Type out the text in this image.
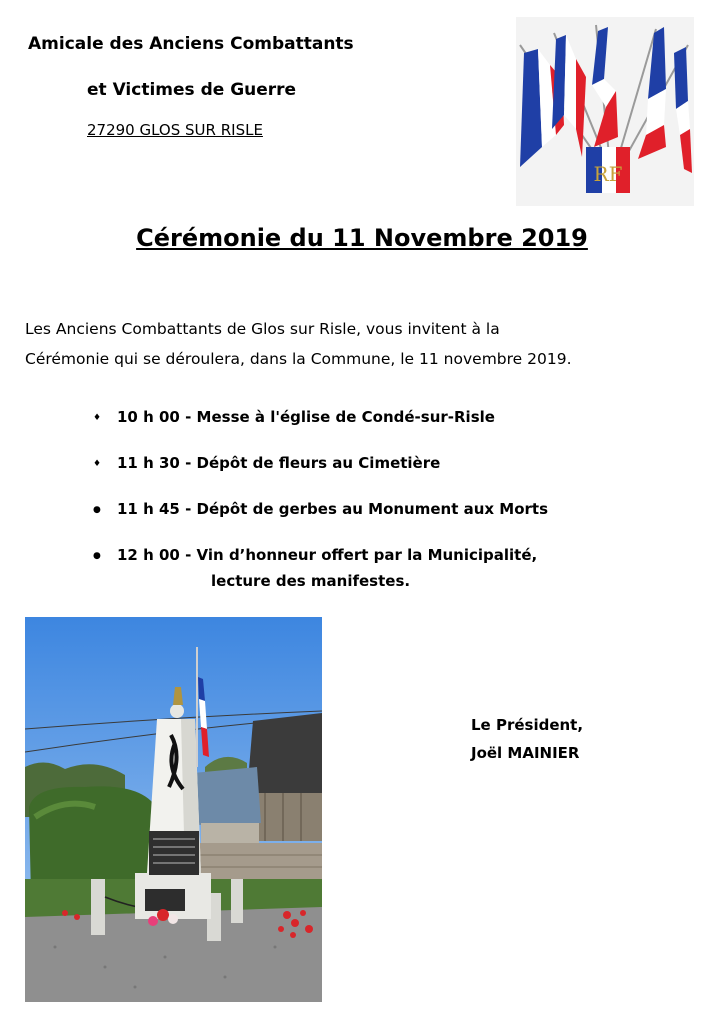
Amicale des Anciens Combattants
et Victimes de Guerre
27290 GLOS SUR RISLE
RF
Cérémonie du 11 Novembre 2019
Les Anciens Combattants de Glos sur Risle, vous invitent à la
Cérémonie qui se déroulera, dans la Commune, le 11 novembre 2019.
♦ 10 h 00 - Messe à l'église de Condé-sur-Risle
♦ 11 h 30 - Dépôt de fleurs au Cimetière
● 11 h 45 - Dépôt de gerbes au Monument aux Morts
● 12 h 00 - Vin d’honneur offert par la Municipalité,
lecture des manifestes.
Le Président,
Joël MAINIER
